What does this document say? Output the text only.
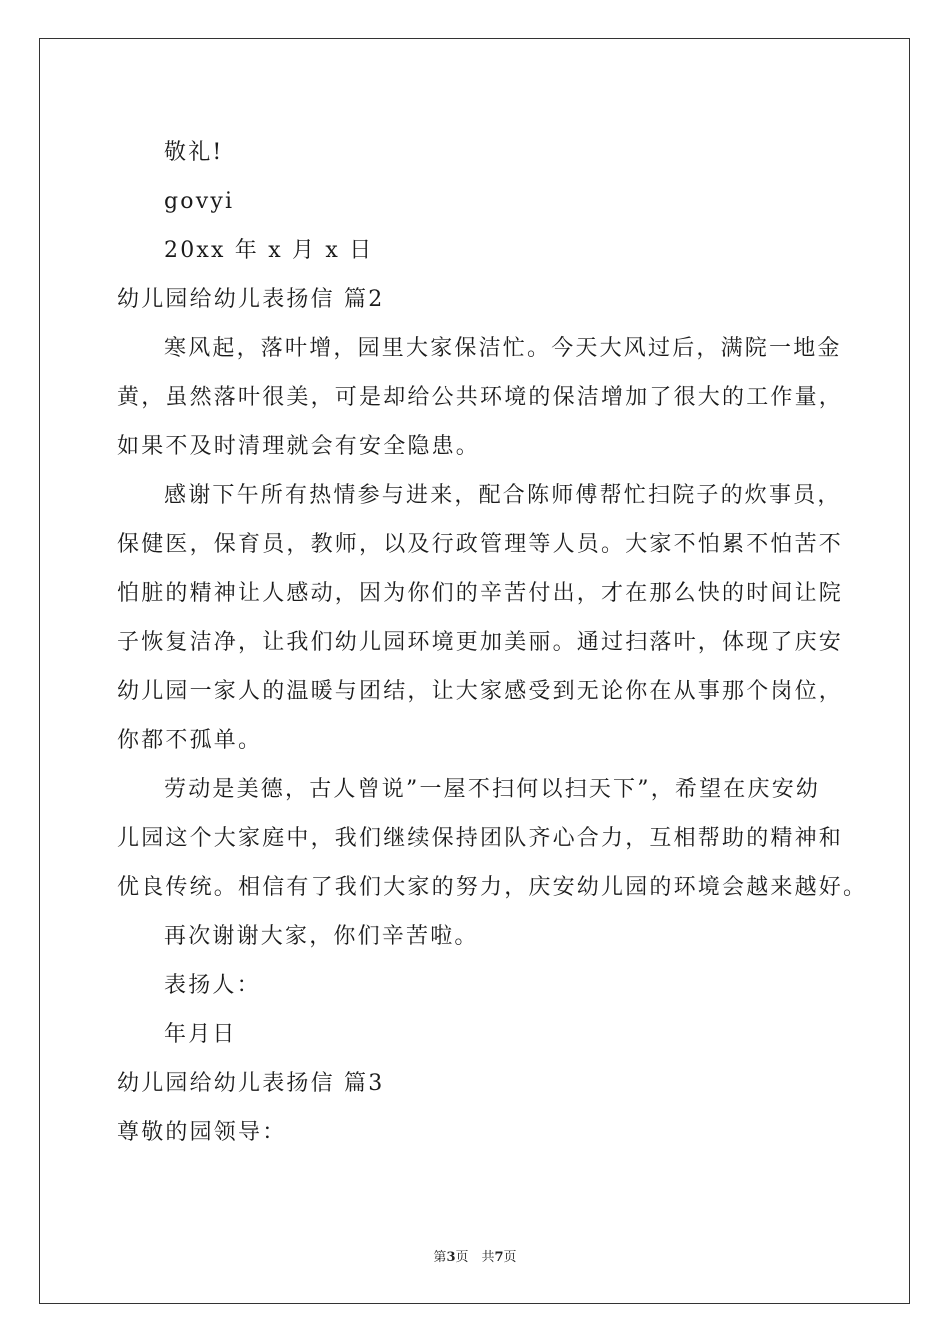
敬礼!
govyi
20xx 年 x 月 x 日
幼儿园给幼儿表扬信 篇2
寒风起，落叶增，园里大家保洁忙。今天大风过后，满院一地金
黄，虽然落叶很美，可是却给公共环境的保洁增加了很大的工作量，
如果不及时清理就会有安全隐患。
感谢下午所有热情参与进来，配合陈师傅帮忙扫院子的炊事员，
保健医，保育员，教师，以及行政管理等人员。大家不怕累不怕苦不
怕脏的精神让人感动，因为你们的辛苦付出，才在那么快的时间让院
子恢复洁净，让我们幼儿园环境更加美丽。通过扫落叶，体现了庆安
幼儿园一家人的温暖与团结，让大家感受到无论你在从事那个岗位，
你都不孤单。
劳动是美德，古人曾说”一屋不扫何以扫天下”，希望在庆安幼
儿园这个大家庭中，我们继续保持团队齐心合力，互相帮助的精神和
优良传统。相信有了我们大家的努力，庆安幼儿园的环境会越来越好。
再次谢谢大家，你们辛苦啦。
表扬人：
年月日
幼儿园给幼儿表扬信 篇3
尊敬的园领导：
第3页　共7页
